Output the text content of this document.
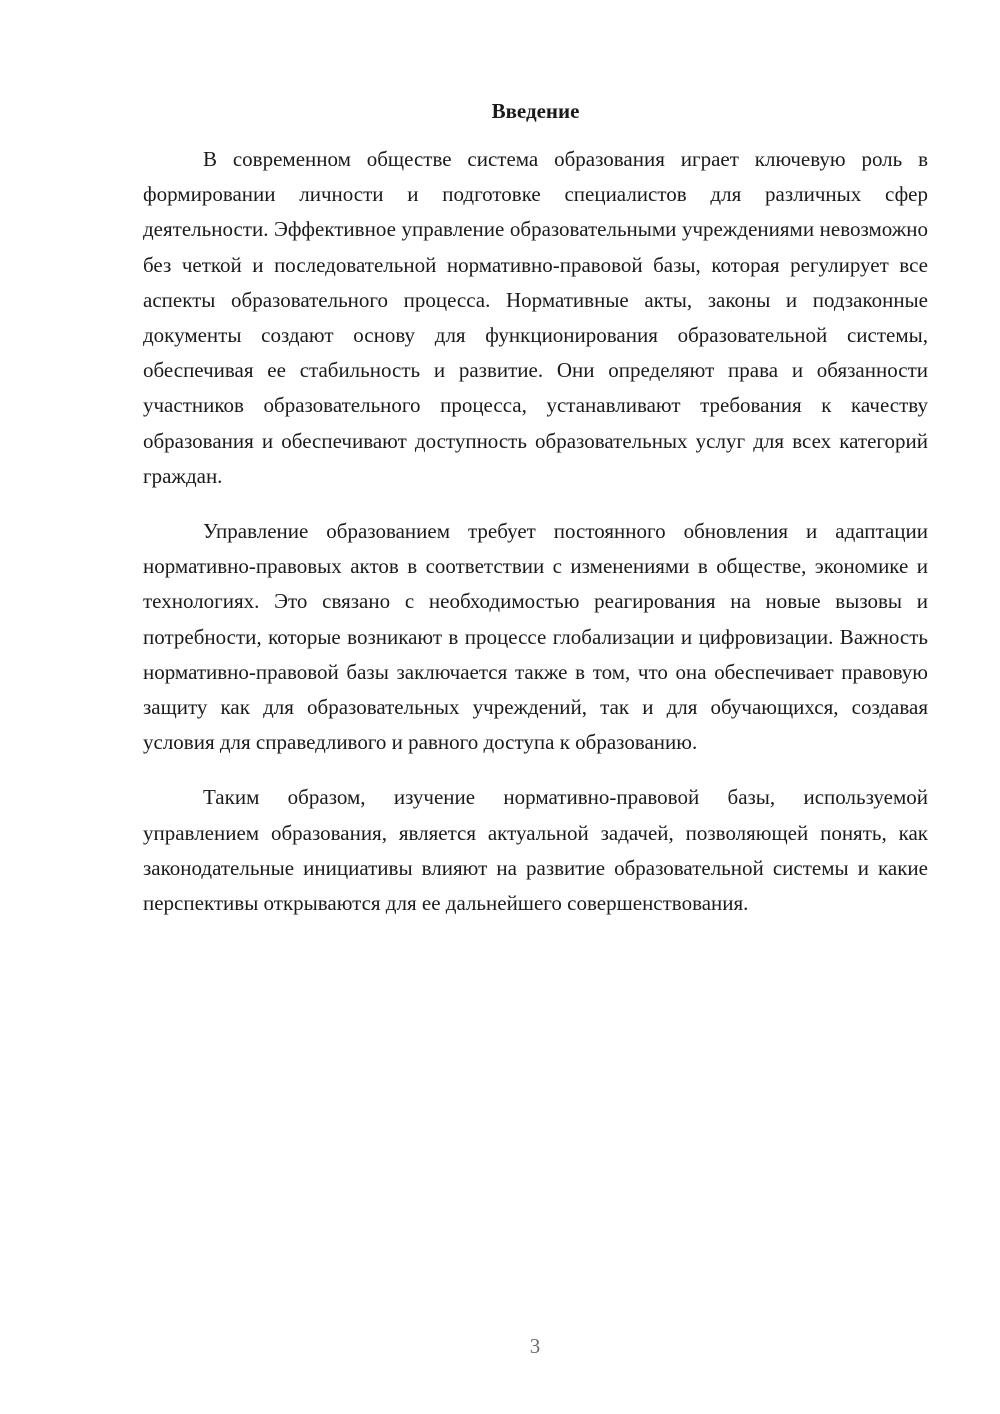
Введение

В современном обществе система образования играет ключевую роль в формировании личности и подготовке специалистов для различных сфер деятельности. Эффективное управление образовательными учреждениями невозможно без четкой и последовательной нормативно-правовой базы, которая регулирует все аспекты образовательного процесса. Нормативные акты, законы и подзаконные документы создают основу для функционирования образовательной системы, обеспечивая ее стабильность и развитие. Они определяют права и обязанности участников образовательного процесса, устанавливают требования к качеству образования и обеспечивают доступность образовательных услуг для всех категорий граждан.

Управление образованием требует постоянного обновления и адаптации нормативно-правовых актов в соответствии с изменениями в обществе, экономике и технологиях. Это связано с необходимостью реагирования на новые вызовы и потребности, которые возникают в процессе глобализации и цифровизации. Важность нормативно-правовой базы заключается также в том, что она обеспечивает правовую защиту как для образовательных учреждений, так и для обучающихся, создавая условия для справедливого и равного доступа к образованию.

Таким образом, изучение нормативно-правовой базы, используемой управлением образования, является актуальной задачей, позволяющей понять, как законодательные инициативы влияют на развитие образовательной системы и какие перспективы открываются для ее дальнейшего совершенствования.

3
